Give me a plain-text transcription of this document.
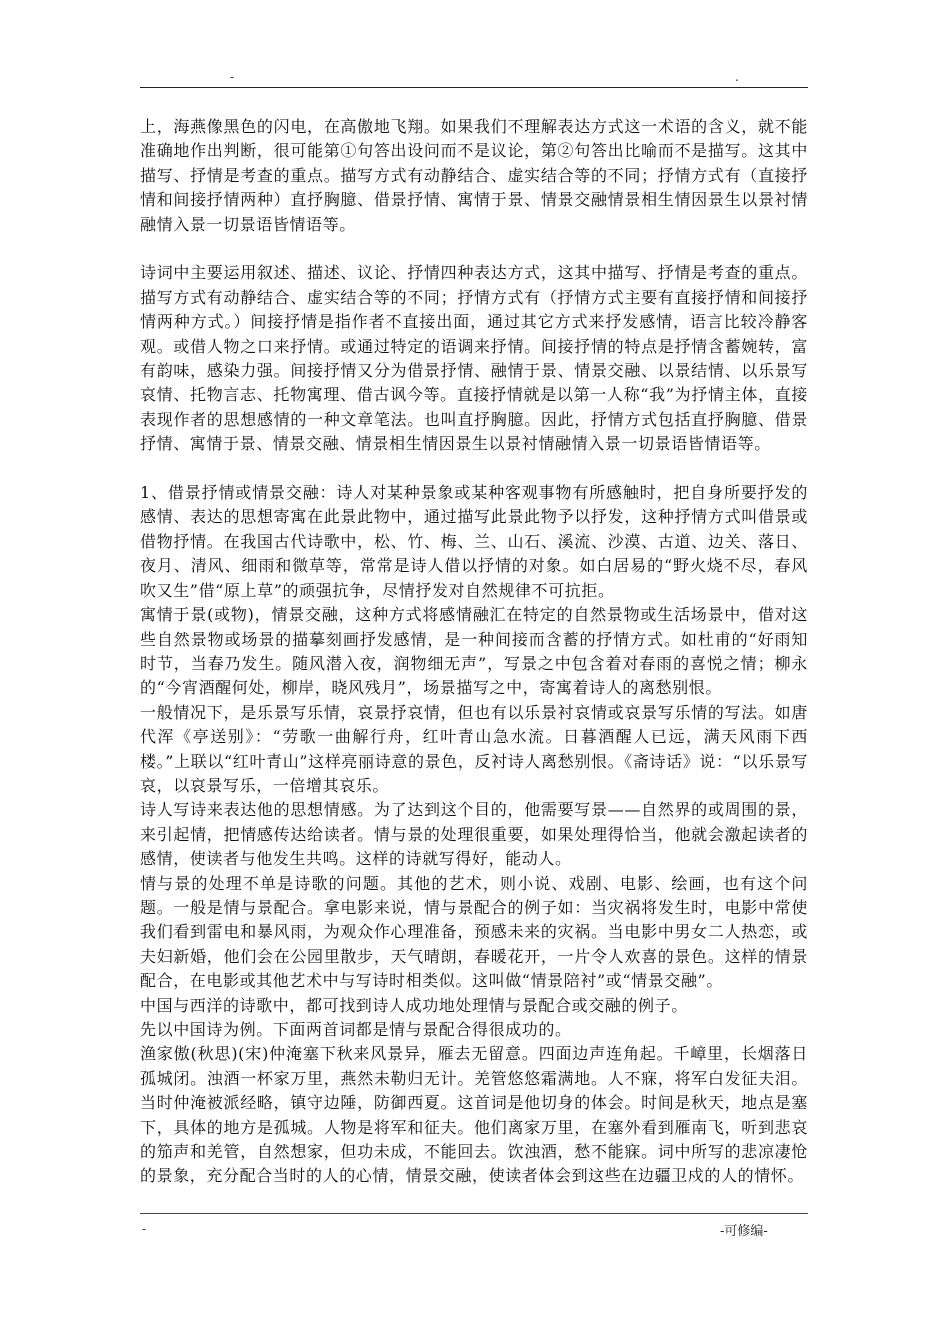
-	.

上，海燕像黑色的闪电，在高傲地飞翔。如果我们不理解表达方式这一术语的含义，就不能准确地作出判断，很可能第①句答出设问而不是议论，第②句答出比喻而不是描写。这其中描写、抒情是考查的重点。描写方式有动静结合、虚实结合等的不同；抒情方式有（直接抒情和间接抒情两种）直抒胸臆、借景抒情、寓情于景、情景交融情景相生情因景生以景衬情融情入景一切景语皆情语等。

诗词中主要运用叙述、描述、议论、抒情四种表达方式，这其中描写、抒情是考查的重点。描写方式有动静结合、虚实结合等的不同；抒情方式有（抒情方式主要有直接抒情和间接抒情两种方式。）间接抒情是指作者不直接出面，通过其它方式来抒发感情，语言比较冷静客观。或借人物之口来抒情。或通过特定的语调来抒情。间接抒情的特点是抒情含蓄婉转，富有韵味，感染力强。间接抒情又分为借景抒情、融情于景、情景交融、以景结情、以乐景写哀情、托物言志、托物寓理、借古讽今等。直接抒情就是以第一人称“我”为抒情主体，直接表现作者的思想感情的一种文章笔法。也叫直抒胸臆。因此，抒情方式包括直抒胸臆、借景抒情、寓情于景、情景交融、情景相生情因景生以景衬情融情入景一切景语皆情语等。

1、借景抒情或情景交融：诗人对某种景象或某种客观事物有所感触时，把自身所要抒发的感情、表达的思想寄寓在此景此物中，通过描写此景此物予以抒发，这种抒情方式叫借景或借物抒情。在我国古代诗歌中，松、竹、梅、兰、山石、溪流、沙漠、古道、边关、落日、夜月、清风、细雨和微草等，常常是诗人借以抒情的对象。如白居易的“野火烧不尽，春风吹又生”借“原上草”的顽强抗争，尽情抒发对自然规律不可抗拒。

寓情于景(或物)，情景交融，这种方式将感情融汇在特定的自然景物或生活场景中，借对这些自然景物或场景的描摹刻画抒发感情，是一种间接而含蓄的抒情方式。如杜甫的“好雨知时节，当春乃发生。随风潜入夜，润物细无声”，写景之中包含着对春雨的喜悦之情；柳永的“今宵酒醒何处，柳岸，晓风残月”，场景描写之中，寄寓着诗人的离愁别恨。

一般情况下，是乐景写乐情，哀景抒哀情，但也有以乐景衬哀情或哀景写乐情的写法。如唐代浑《亭送别》：“劳歌一曲解行舟，红叶青山急水流。日暮酒醒人已远，满天风雨下西楼。”上联以“红叶青山”这样亮丽诗意的景色，反衬诗人离愁别恨。《斋诗话》说：“以乐景写哀，以哀景写乐，一倍增其哀乐。

诗人写诗来表达他的思想情感。为了达到这个目的，他需要写景——自然界的或周围的景，来引起情，把情感传达给读者。情与景的处理很重要，如果处理得恰当，他就会激起读者的感情，使读者与他发生共鸣。这样的诗就写得好，能动人。

情与景的处理不单是诗歌的问题。其他的艺术，则小说、戏剧、电影、绘画，也有这个问题。一般是情与景配合。拿电影来说，情与景配合的例子如：当灾祸将发生时，电影中常使我们看到雷电和暴风雨，为观众作心理准备，预感未来的灾祸。当电影中男女二人热恋，或夫妇新婚，他们会在公园里散步，天气晴朗，春暖花开，一片令人欢喜的景色。这样的情景配合，在电影或其他艺术中与写诗时相类似。这叫做“情景陪衬”或“情景交融”。

中国与西洋的诗歌中，都可找到诗人成功地处理情与景配合或交融的例子。

先以中国诗为例。下面两首词都是情与景配合得很成功的。

渔家傲(秋思)(宋)仲淹塞下秋来风景异，雁去无留意。四面边声连角起。千嶂里，长烟落日孤城闭。浊酒一杯家万里，燕然未勒归无计。羌管悠悠霜满地。人不寐，将军白发征夫泪。当时仲淹被派经略，镇守边陲，防御西夏。这首词是他切身的体会。时间是秋天，地点是塞下，具体的地方是孤城。人物是将军和征夫。他们离家万里，在塞外看到雁南飞，听到悲哀的笳声和羌管，自然想家，但功未成，不能回去。饮浊酒，愁不能寐。词中所写的悲凉凄怆的景象，充分配合当时的人的心情，情景交融，使读者体会到这些在边疆卫戍的人的情怀。

-	-可修编-
